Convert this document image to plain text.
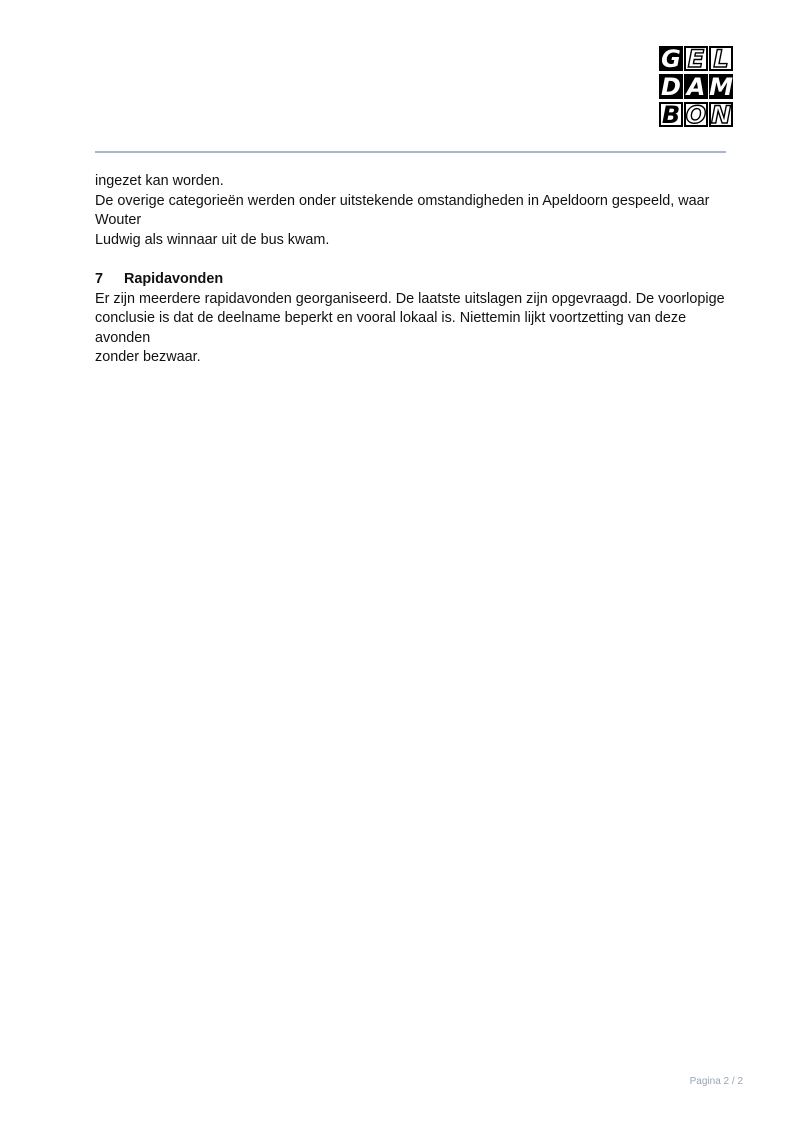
G E L
D A M
B O N

ingezet kan worden.

De overige categorieën werden onder uitstekende omstandigheden in Apeldoorn gespeeld, waar Wouter

Ludwig als winnaar uit de bus kwam.

7 Rapidavonden

Er zijn meerdere rapidavonden georganiseerd. De laatste uitslagen zijn opgevraagd. De voorlopige

conclusie is dat de deelname beperkt en vooral lokaal is. Niettemin lijkt voortzetting van deze avonden

zonder bezwaar.

Pagina 2 / 2
